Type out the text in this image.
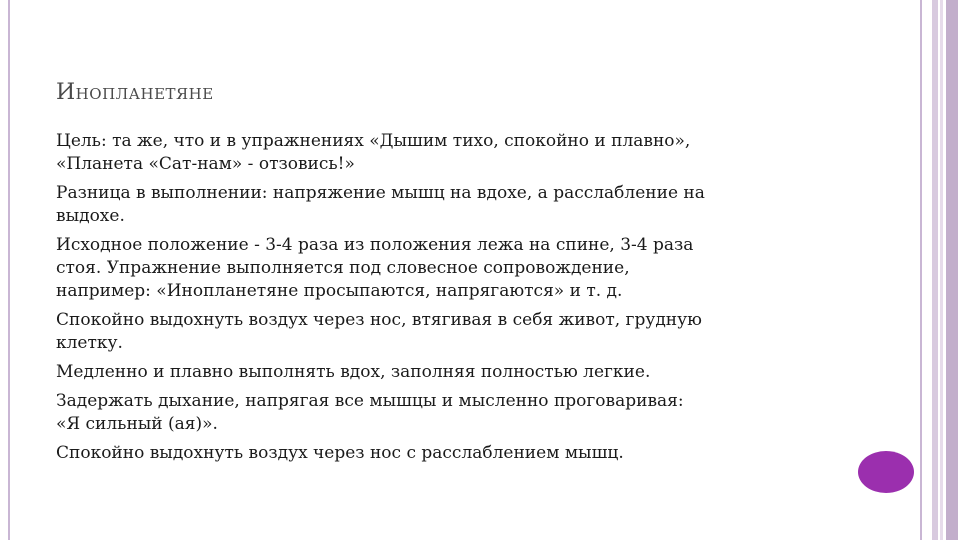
Инопланетяне
Цель: та же, что и в упражнениях «Дышим тихо, спокойно и плавно»,
«Планета «Сат-нам» - отзовись!»
Разница в выполнении: напряжение мышц на вдохе, а расслабление на
выдохе.
Исходное положение - 3-4 раза из положения лежа на спине, 3-4 раза
стоя. Упражнение выполняется под словесное сопровождение,
например: «Инопланетяне просыпаются, напрягаются» и т. д.
Спокойно выдохнуть воздух через нос, втягивая в себя живот, грудную
клетку.
Медленно и плавно выполнять вдох, заполняя полностью легкие.
Задержать дыхание, напрягая все мышцы и мысленно проговаривая:
«Я сильный (ая)».
Спокойно выдохнуть воздух через нос с расслаблением мышц.
